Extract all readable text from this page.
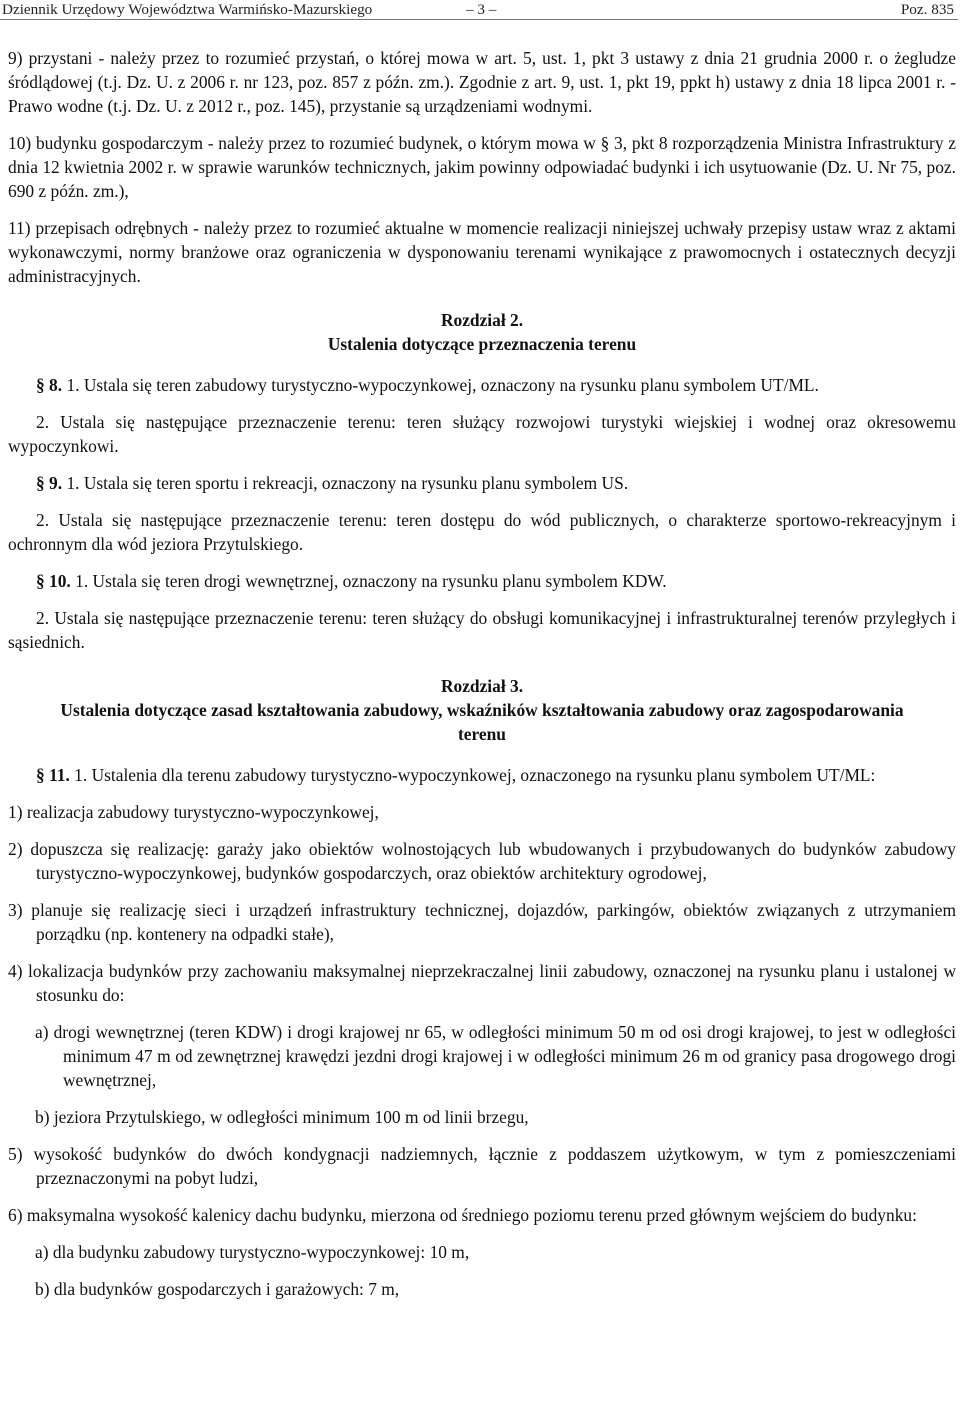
Dziennik Urzędowy Województwa Warmińsko-Mazurskiego	– 3 –	Poz. 835

9) przystani - należy przez to rozumieć przystań, o której mowa w art. 5, ust. 1, pkt 3 ustawy z dnia 21 grudnia 2000 r. o żegludze śródlądowej (t.j. Dz. U. z 2006 r. nr 123, poz. 857 z późn. zm.). Zgodnie z art. 9, ust. 1, pkt 19, ppkt h) ustawy z dnia 18 lipca 2001 r. - Prawo wodne (t.j. Dz. U. z 2012 r., poz. 145), przystanie są urządzeniami wodnymi.

10) budynku gospodarczym - należy przez to rozumieć budynek, o którym mowa w § 3, pkt 8 rozporządzenia Ministra Infrastruktury z dnia 12 kwietnia 2002 r. w sprawie warunków technicznych, jakim powinny odpowiadać budynki i ich usytuowanie (Dz. U. Nr 75, poz. 690 z późn. zm.),

11) przepisach odrębnych - należy przez to rozumieć aktualne w momencie realizacji niniejszej uchwały przepisy ustaw wraz z aktami wykonawczymi, normy branżowe oraz ograniczenia w dysponowaniu terenami wynikające z prawomocnych i ostatecznych decyzji administracyjnych.

Rozdział 2.

Ustalenia dotyczące przeznaczenia terenu

§ 8. 1. Ustala się teren zabudowy turystyczno-wypoczynkowej, oznaczony na rysunku planu symbolem UT/ML.

2. Ustala się następujące przeznaczenie terenu: teren służący rozwojowi turystyki wiejskiej i wodnej oraz okresowemu wypoczynkowi.

§ 9. 1. Ustala się teren sportu i rekreacji, oznaczony na rysunku planu symbolem US.

2. Ustala się następujące przeznaczenie terenu: teren dostępu do wód publicznych, o charakterze sportowo-rekreacyjnym i ochronnym dla wód jeziora Przytulskiego.

§ 10. 1. Ustala się teren drogi wewnętrznej, oznaczony na rysunku planu symbolem KDW.

2. Ustala się następujące przeznaczenie terenu: teren służący do obsługi komunikacyjnej i infrastrukturalnej terenów przyległych i sąsiednich.

Rozdział 3.

Ustalenia dotyczące zasad kształtowania zabudowy, wskaźników kształtowania zabudowy oraz zagospodarowania terenu

§ 11. 1. Ustalenia dla terenu zabudowy turystyczno-wypoczynkowej, oznaczonego na rysunku planu symbolem UT/ML:

1) realizacja zabudowy turystyczno-wypoczynkowej,

2) dopuszcza się realizację: garaży jako obiektów wolnostojących lub wbudowanych i przybudowanych do budynków zabudowy turystyczno-wypoczynkowej, budynków gospodarczych, oraz obiektów architektury ogrodowej,

3) planuje się realizację sieci i urządzeń infrastruktury technicznej, dojazdów, parkingów, obiektów związanych z utrzymaniem porządku (np. kontenery na odpadki stałe),

4) lokalizacja budynków przy zachowaniu maksymalnej nieprzekraczalnej linii zabudowy, oznaczonej na rysunku planu i ustalonej w stosunku do:

a) drogi wewnętrznej (teren KDW) i drogi krajowej nr 65, w odległości minimum 50 m od osi drogi krajowej, to jest w odległości minimum 47 m od zewnętrznej krawędzi jezdni drogi krajowej i w odległości minimum 26 m od granicy pasa drogowego drogi wewnętrznej,

b) jeziora Przytulskiego, w odległości minimum 100 m od linii brzegu,

5) wysokość budynków do dwóch kondygnacji nadziemnych, łącznie z poddaszem użytkowym, w tym z pomieszczeniami przeznaczonymi na pobyt ludzi,

6) maksymalna wysokość kalenicy dachu budynku, mierzona od średniego poziomu terenu przed głównym wejściem do budynku:

a) dla budynku zabudowy turystyczno-wypoczynkowej: 10 m,

b) dla budynków gospodarczych i garażowych: 7 m,
